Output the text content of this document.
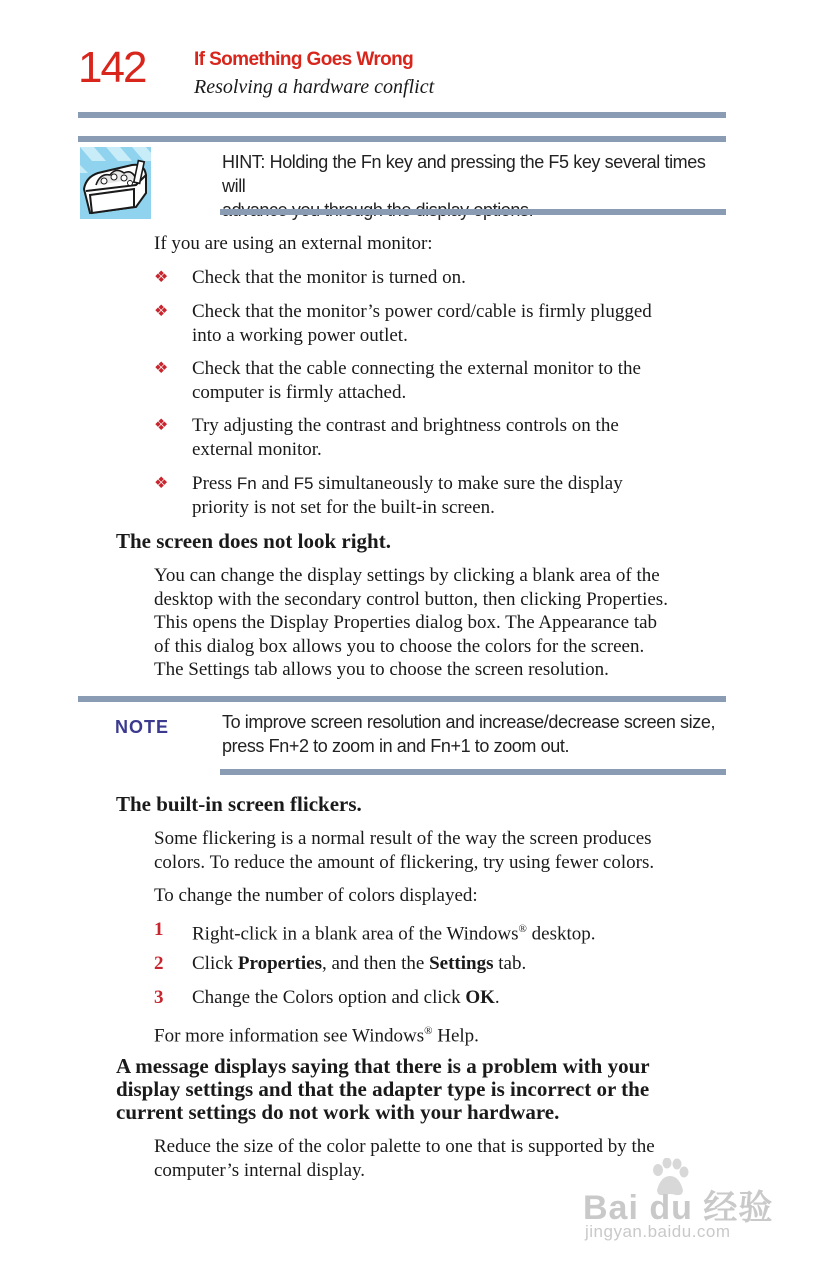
142	If Something Goes Wrong
Resolving a hardware conflict
HINT: Holding the Fn key and pressing the F5 key several times will
If you are using an external monitor:
❖ Check that the monitor is turned on.
❖ Check that the monitor’s power cord/cable is firmly plugged
into a working power outlet.
❖ Check that the cable connecting the external monitor to the
computer is firmly attached.
❖ Try adjusting the contrast and brightness controls on the
external monitor.
❖ Press Fn and F5 simultaneously to make sure the display
priority is not set for the built-in screen.
The screen does not look right.
You can change the display settings by clicking a blank area of the
desktop with the secondary control button, then clicking Properties.
This opens the Display Properties dialog box. The Appearance tab
of this dialog box allows you to choose the colors for the screen.
The Settings tab allows you to choose the screen resolution.
NOTE	To improve screen resolution and increase/decrease screen size,
press Fn+2 to zoom in and Fn+1 to zoom out.
The built-in screen flickers.
Some flickering is a normal result of the way the screen produces
colors. To reduce the amount of flickering, try using fewer colors.
To change the number of colors displayed:
1 Right-click in a blank area of the Windows® desktop.
2 Click Properties, and then the Settings tab.
3 Change the Colors option and click OK.
For more information see Windows® Help.
A message displays saying that there is a problem with your
display settings and that the adapter type is incorrect or the
current settings do not work with your hardware.
Reduce the size of the color palette to one that is supported by the
computer’s internal display.
Bai du 经验
jingyan.baidu.com
